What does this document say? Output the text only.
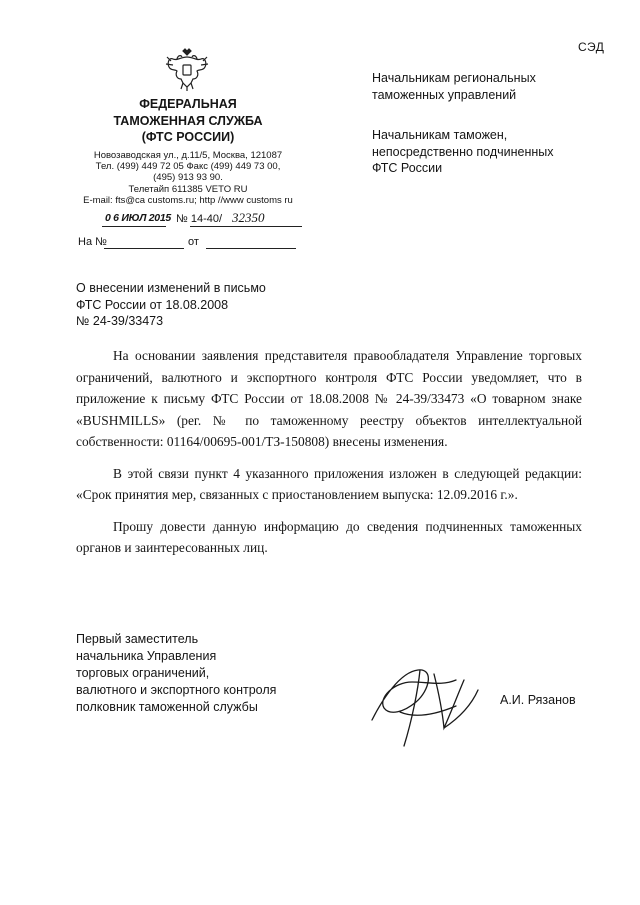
СЭД
ФЕДЕРАЛЬНАЯ
ТАМОЖЕННАЯ СЛУЖБА
(ФТС РОССИИ)
Новозаводская ул., д.11/5, Москва, 121087
Тел. (499) 449 72 05 Факс (499) 449 73 00,
(495) 913 93 90.
Телетайп 611385 VETO RU
E-mail: fts@ca customs.ru; http //www customs ru
0 6 ИЮЛ 2015 № 14-40/ 32350
На №	от
Начальникам региональных
таможенных управлений
Начальникам таможен,
непосредственно подчиненных
ФТС России
О внесении изменений в письмо
ФТС России от 18.08.2008
№ 24-39/33473

На основании заявления представителя правообладателя Управление торговых ограничений, валютного и экспортного контроля ФТС России уведомляет, что в приложение к письму ФТС России от 18.08.2008 № 24-39/33473 «О товарном знаке «BUSHMILLS» (рег. № по таможенному реестру объектов интеллектуальной собственности: 01164/00695-001/ТЗ-150808) внесены изменения.

В этой связи пункт 4 указанного приложения изложен в следующей редакции: «Срок принятия мер, связанных с приостановлением выпуска: 12.09.2016 г.».

Прошу довести данную информацию до сведения подчиненных таможенных органов и заинтересованных лиц.

Первый заместитель
начальника Управления
торговых ограничений,
валютного и экспортного контроля
полковник таможенной службы	А.И. Рязанов
